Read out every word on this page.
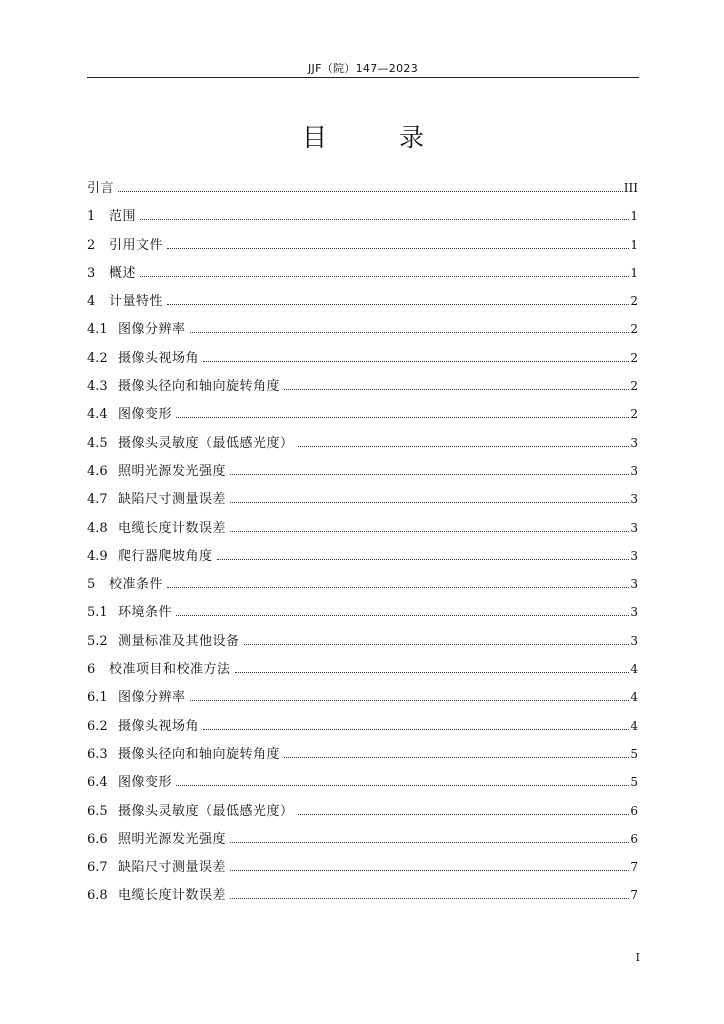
JJF（院）147—2023
目 录
引言	III
1	范围	1
2	引用文件	1
3	概述	1
4	计量特性	2
4.1 图像分辨率	2
4.2 摄像头视场角	2
4.3 摄像头径向和轴向旋转角度	2
4.4 图像变形	2
4.5 摄像头灵敏度（最低感光度）	3
4.6 照明光源发光强度	3
4.7 缺陷尺寸测量误差	3
4.8 电缆长度计数误差	3
4.9 爬行器爬坡角度	3
5	校准条件	3
5.1 环境条件	3
5.2 测量标准及其他设备	3
6	校准项目和校准方法	4
6.1 图像分辨率	4
6.2 摄像头视场角	4
6.3 摄像头径向和轴向旋转角度	5
6.4 图像变形	5
6.5 摄像头灵敏度（最低感光度）	6
6.6 照明光源发光强度	6
6.7 缺陷尺寸测量误差	7
6.8 电缆长度计数误差	7
I
